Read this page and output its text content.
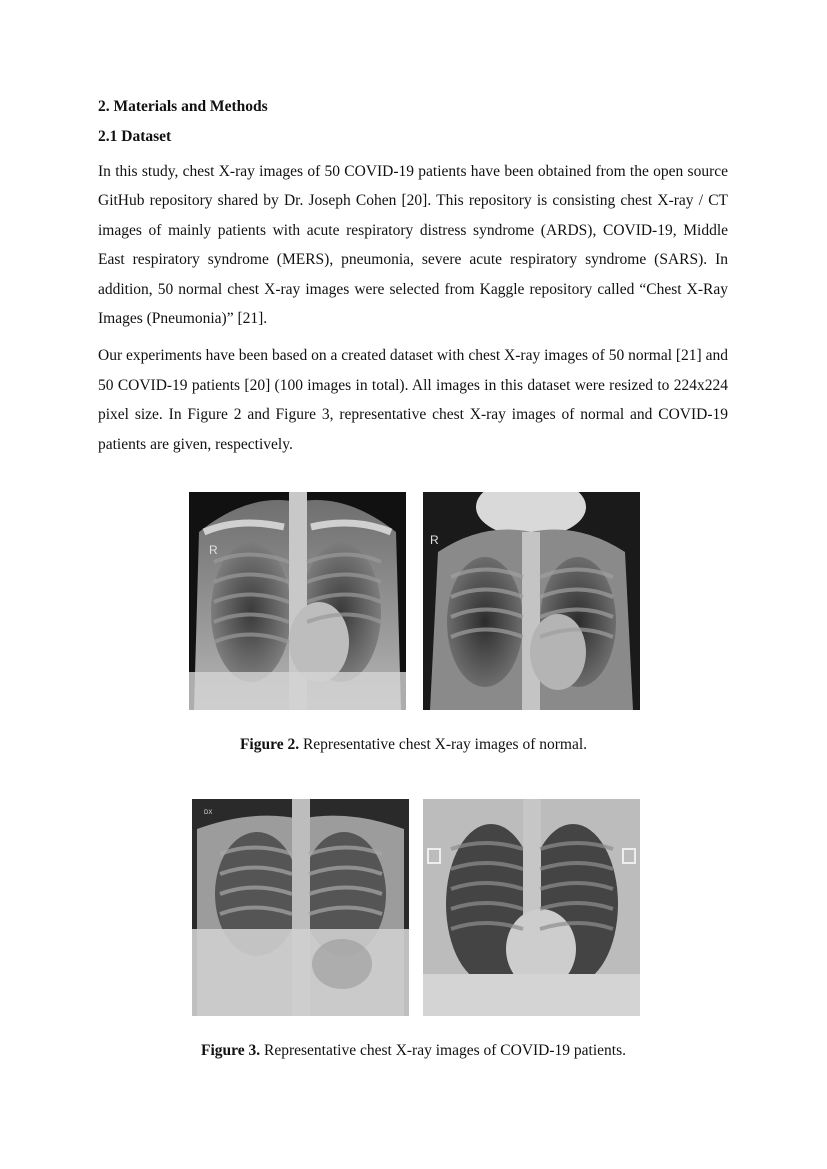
2. Materials and Methods

2.1 Dataset

In this study, chest X-ray images of 50 COVID-19 patients have been obtained from the open source GitHub repository shared by Dr. Joseph Cohen [20]. This repository is consisting chest X-ray / CT images of mainly patients with acute respiratory distress syndrome (ARDS), COVID-19, Middle East respiratory syndrome (MERS), pneumonia, severe acute respiratory syndrome (SARS). In addition, 50 normal chest X-ray images were selected from Kaggle repository called “Chest X-Ray Images (Pneumonia)” [21].

Our experiments have been based on a created dataset with chest X-ray images of 50 normal [21] and 50 COVID-19 patients [20] (100 images in total). All images in this dataset were resized to 224x224 pixel size. In Figure 2 and Figure 3, representative chest X-ray images of normal and COVID-19 patients are given, respectively.

R
R
Figure 2. Representative chest X-ray images of normal.
DX
Figure 3. Representative chest X-ray images of COVID-19 patients.
